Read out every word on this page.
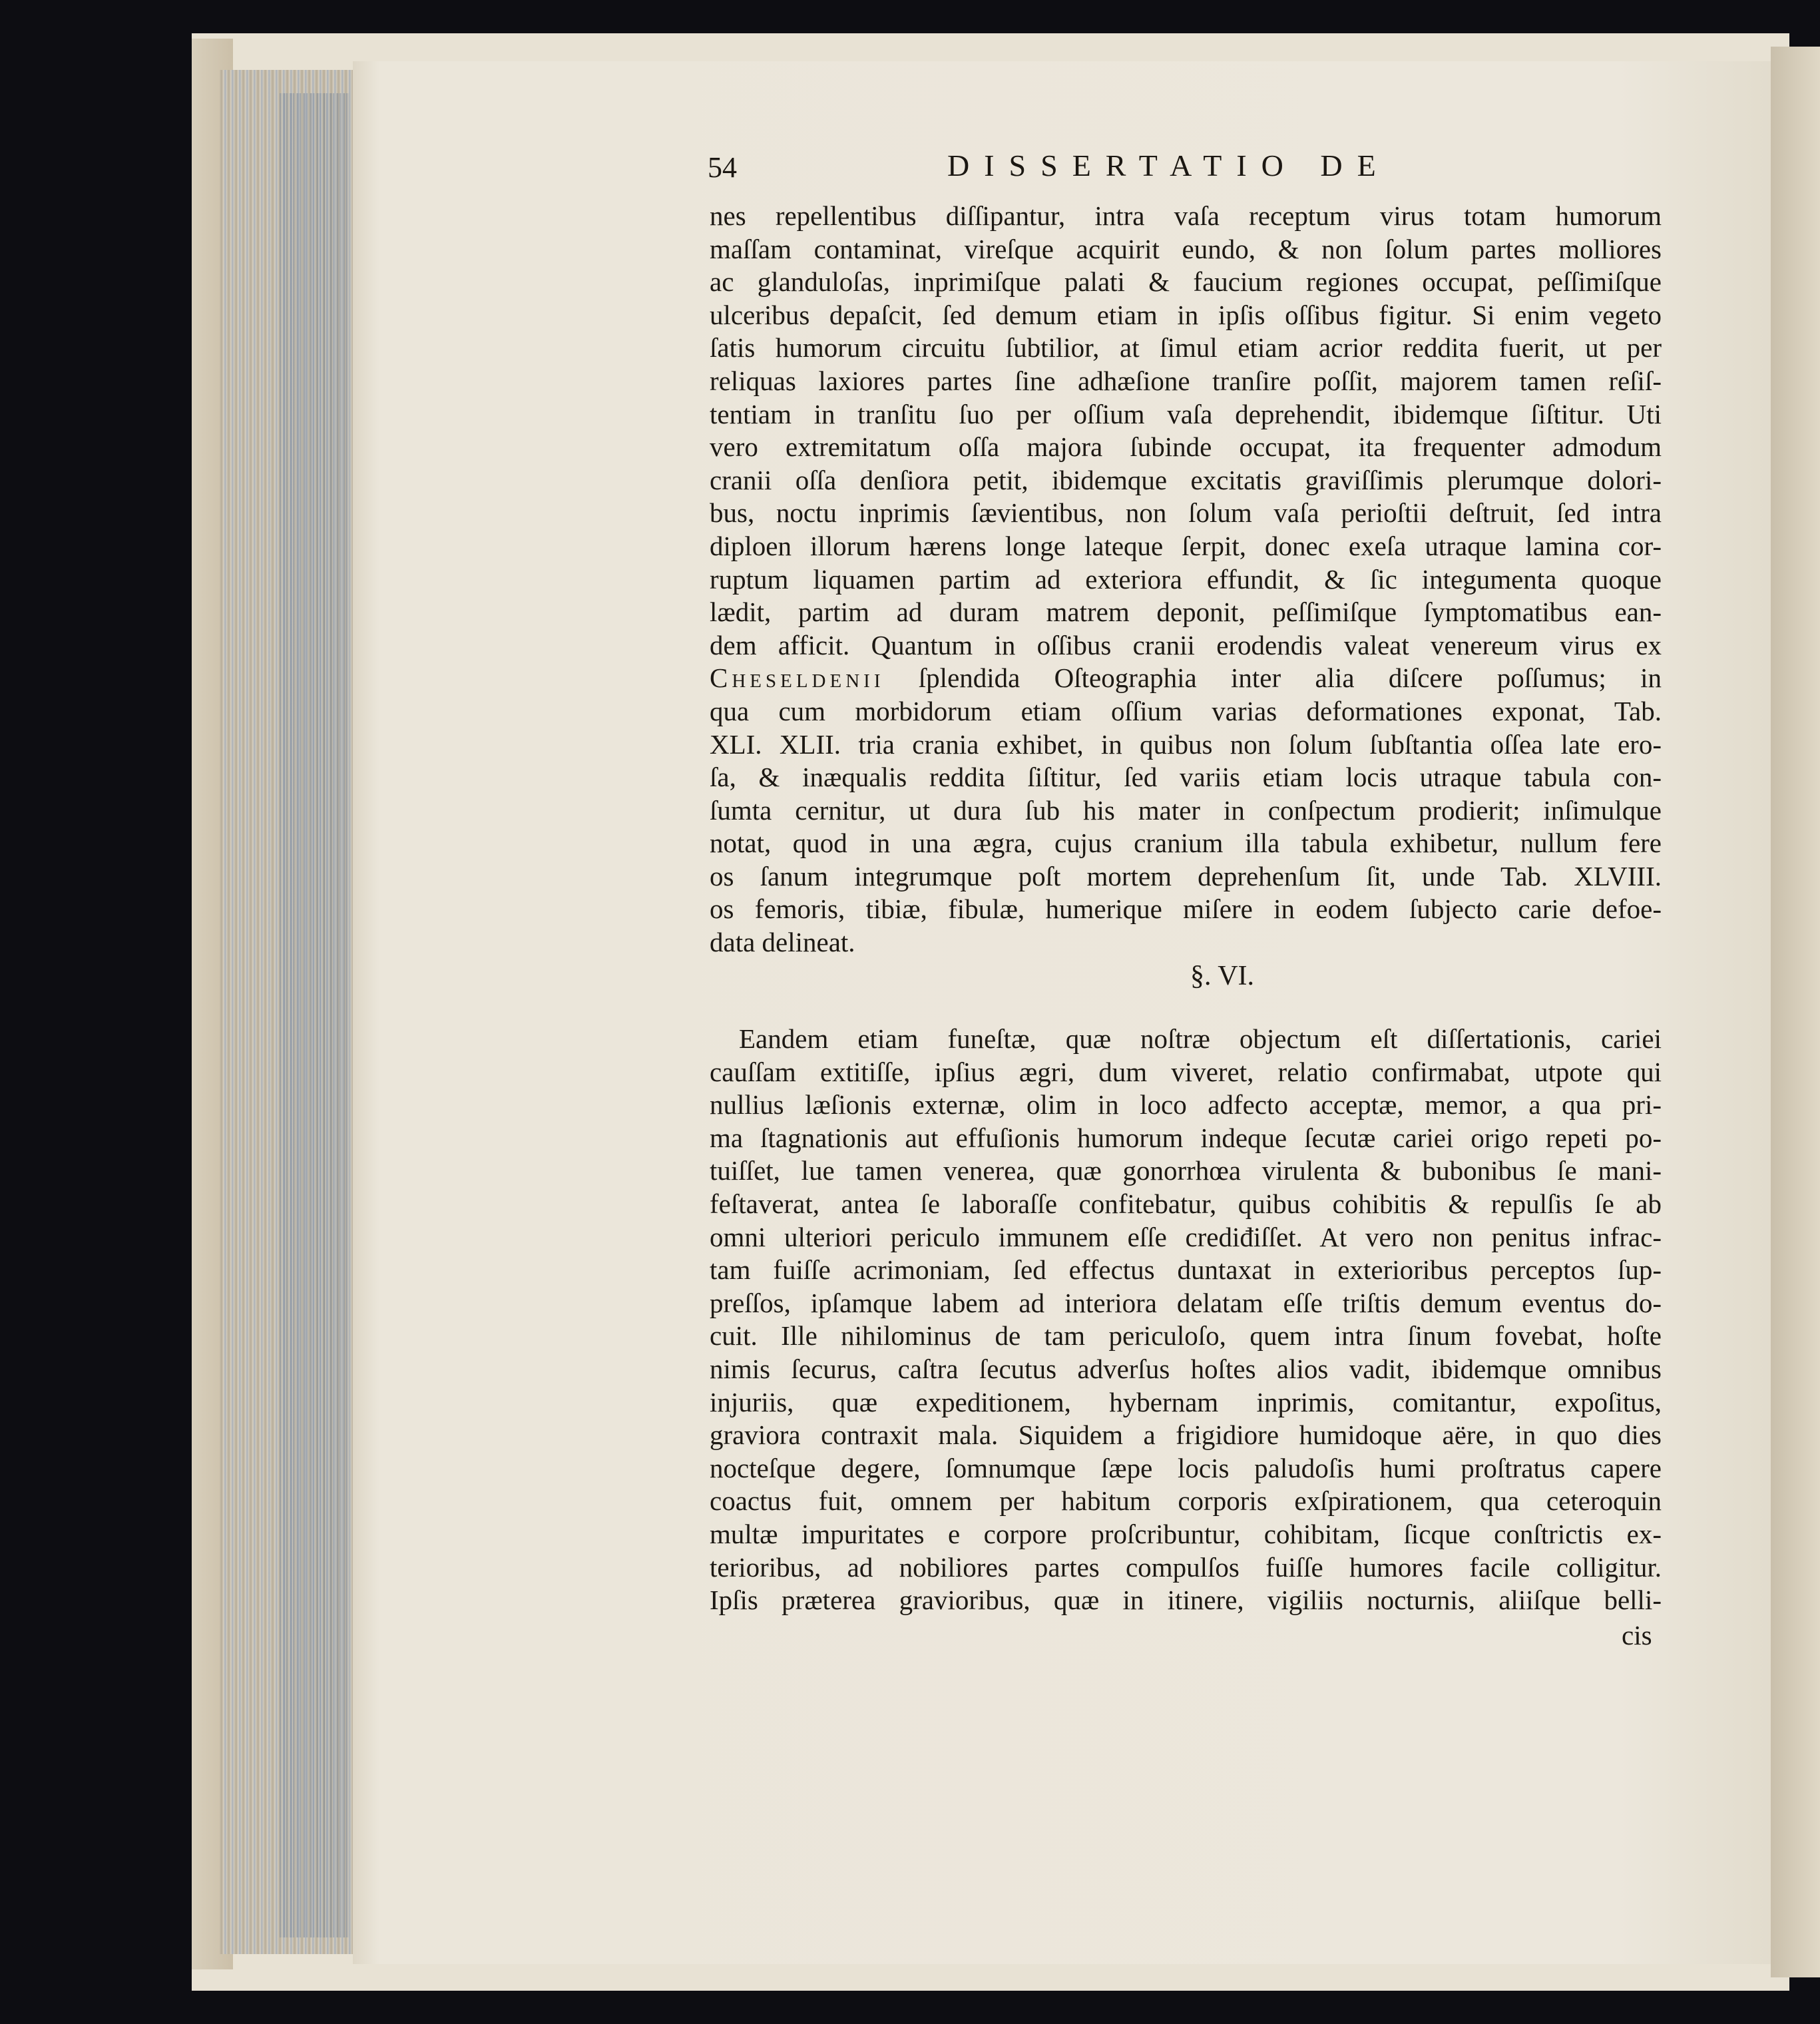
54	DISSERTATIO DE
nes repellentibus diſſipantur, intra vaſa receptum virus totam humorum
maſſam contaminat, vireſque acquirit eundo, & non ſolum partes molliores
ac glanduloſas, inprimiſque palati & faucium regiones occupat, peſſimiſque
ulceribus depaſcit, ſed demum etiam in ipſis oſſibus figitur. Si enim vegeto
ſatis humorum circuitu ſubtilior, at ſimul etiam acrior reddita fuerit, ut per
reliquas laxiores partes ſine adhæſione tranſire poſſit, majorem tamen reſiſ-
tentiam in tranſitu ſuo per oſſium vaſa deprehendit, ibidemque ſiſtitur. Uti
vero extremitatum oſſa majora ſubinde occupat, ita frequenter admodum
cranii oſſa denſiora petit, ibidemque excitatis graviſſimis plerumque dolori-
bus, noctu inprimis ſævientibus, non ſolum vaſa perioſtii deſtruit, ſed intra
diploen illorum hærens longe lateque ſerpit, donec exeſa utraque lamina cor-
ruptum liquamen partim ad exteriora effundit, & ſic integumenta quoque
lædit, partim ad duram matrem deponit, peſſimiſque ſymptomatibus ean-
dem afficit. Quantum in oſſibus cranii erodendis valeat venereum virus ex
Cheseldenii ſplendida Oſteographia inter alia diſcere poſſumus; in
qua cum morbidorum etiam oſſium varias deformationes exponat, Tab.
XLI. XLII. tria crania exhibet, in quibus non ſolum ſubſtantia oſſea late ero-
ſa, & inæqualis reddita ſiſtitur, ſed variis etiam locis utraque tabula con-
ſumta cernitur, ut dura ſub his mater in conſpectum prodierit; inſimulque
notat, quod in una ægra, cujus cranium illa tabula exhibetur, nullum fere
os ſanum integrumque poſt mortem deprehenſum ſit, unde Tab. XLVIII.
os femoris, tibiæ, fibulæ, humerique miſere in eodem ſubjecto carie defoe-
data delineat.
§. VI.
Eandem etiam funeſtæ, quæ noſtræ objectum eſt diſſertationis, cariei
cauſſam extitiſſe, ipſius ægri, dum viveret, relatio confirmabat, utpote qui
nullius læſionis externæ, olim in loco adfecto acceptæ, memor, a qua pri-
ma ſtagnationis aut effuſionis humorum indeque ſecutæ cariei origo repeti po-
tuiſſet, lue tamen venerea, quæ gonorrhœa virulenta & bubonibus ſe mani-
feſtaverat, antea ſe laboraſſe confitebatur, quibus cohibitis & repulſis ſe ab
omni ulteriori periculo immunem eſſe crediđiſſet. At vero non penitus infrac-
tam fuiſſe acrimoniam, ſed effectus duntaxat in exterioribus perceptos ſup-
preſſos, ipſamque labem ad interiora delatam eſſe triſtis demum eventus do-
cuit. Ille nihilominus de tam periculoſo, quem intra ſinum fovebat, hoſte
nimis ſecurus, caſtra ſecutus adverſus hoſtes alios vadit, ibidemque omnibus
injuriis, quæ expeditionem, hybernam inprimis, comitantur, expoſitus,
graviora contraxit mala. Siquidem a frigidiore humidoque aëre, in quo dies
nocteſque degere, ſomnumque ſæpe locis paludoſis humi proſtratus capere
coactus fuit, omnem per habitum corporis exſpirationem, qua ceteroquin
multæ impuritates e corpore proſcribuntur, cohibitam, ſicque conſtrictis ex-
terioribus, ad nobiliores partes compulſos fuiſſe humores facile colligitur.
Ipſis præterea gravioribus, quæ in itinere, vigiliis nocturnis, aliiſque belli-
cis
